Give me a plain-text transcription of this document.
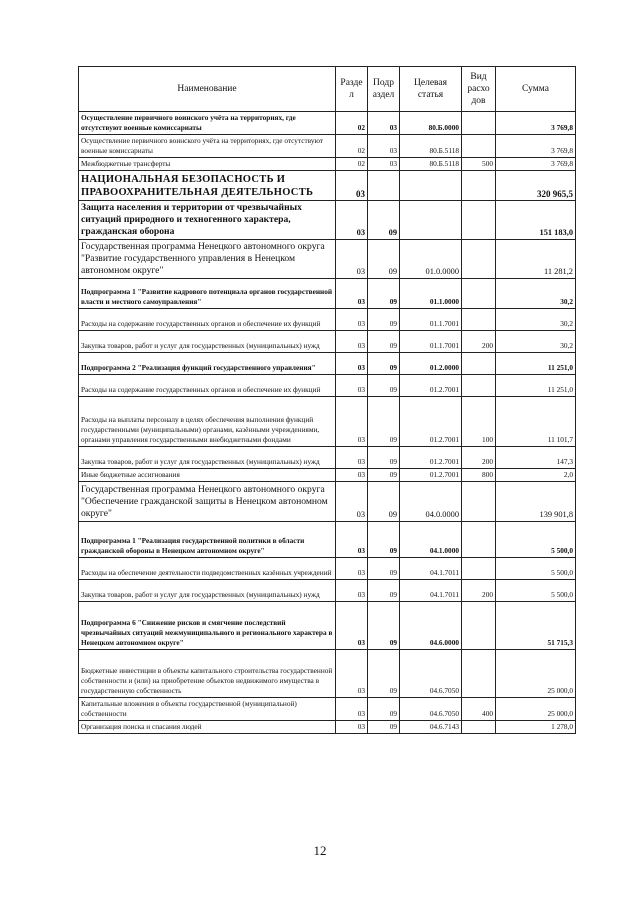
Наименование	Разде л	Подр аздел	Целевая статья	Вид расхо дов	Сумма
Осуществление первичного воинского учёта на территориях, где отсутствуют военные комиссариаты	02	03	80.Б.0000		3 769,8
Осуществление первичного воинского учёта на территориях, где отсутствуют военные комиссариаты	02	03	80.Б.5118		3 769,8
Межбюджетные трансферты	02	03	80.Б.5118	500	3 769,8
НАЦИОНАЛЬНАЯ БЕЗОПАСНОСТЬ И ПРАВООХРАНИТЕЛЬНАЯ ДЕЯТЕЛЬНОСТЬ	03				320 965,5
Защита населения и территории от чрезвычайных ситуаций природного и техногенного характера, гражданская оборона	03	09			151 183,0
Государственная программа Ненецкого автономного округа "Развитие государственного управления в Ненецком автономном округе"	03	09	01.0.0000		11 281,2
Подпрограмма 1 "Развитие кадрового потенциала органов государственной власти и местного самоуправления"	03	09	01.1.0000		30,2
Расходы на содержание государственных органов и обеспечение их функций	03	09	01.1.7001		30,2
Закупка товаров, работ и услуг для государственных (муниципальных) нужд	03	09	01.1.7001	200	30,2
Подпрограмма 2 "Реализация функций государственного управления"	03	09	01.2.0000		11 251,0
Расходы на содержание государственных органов и обеспечение их функций	03	09	01.2.7001		11 251,0
Расходы на выплаты персоналу в целях обеспечения выполнения функций государственными (муниципальными) органами, казёнными учреждениями, органами управления государственными внебюджетными фондами	03	09	01.2.7001	100	11 101,7
Закупка товаров, работ и услуг для государственных (муниципальных) нужд	03	09	01.2.7001	200	147,3
Иные бюджетные ассигнования	03	09	01.2.7001	800	2,0
Государственная программа Ненецкого автономного округа "Обеспечение гражданской защиты в Ненецком автономном округе"	03	09	04.0.0000		139 901,8
Подпрограмма 1 "Реализация государственной политики в области гражданской обороны в Ненецком автономном округе"	03	09	04.1.0000		5 500,0
Расходы на обеспечение деятельности подведомственных казённых учреждений	03	09	04.1.7011		5 500,0
Закупка товаров, работ и услуг для государственных (муниципальных) нужд	03	09	04.1.7011	200	5 500,0
Подпрограмма 6 "Снижение рисков и смягчение последствий чрезвычайных ситуаций межмуниципального и регионального характера в Ненецком автономном округе"	03	09	04.6.0000		51 715,3
Бюджетные инвестиции в объекты капитального строительства государственной собственности и (или) на приобретение объектов недвижимого имущества в государственную собственность	03	09	04.6.7050		25 000,0
Капитальные вложения в объекты государственной (муниципальной) собственности	03	09	04.6.7050	400	25 000,0
Организация поиска и спасания людей	03	09	04.6.7143		1 278,0
12
